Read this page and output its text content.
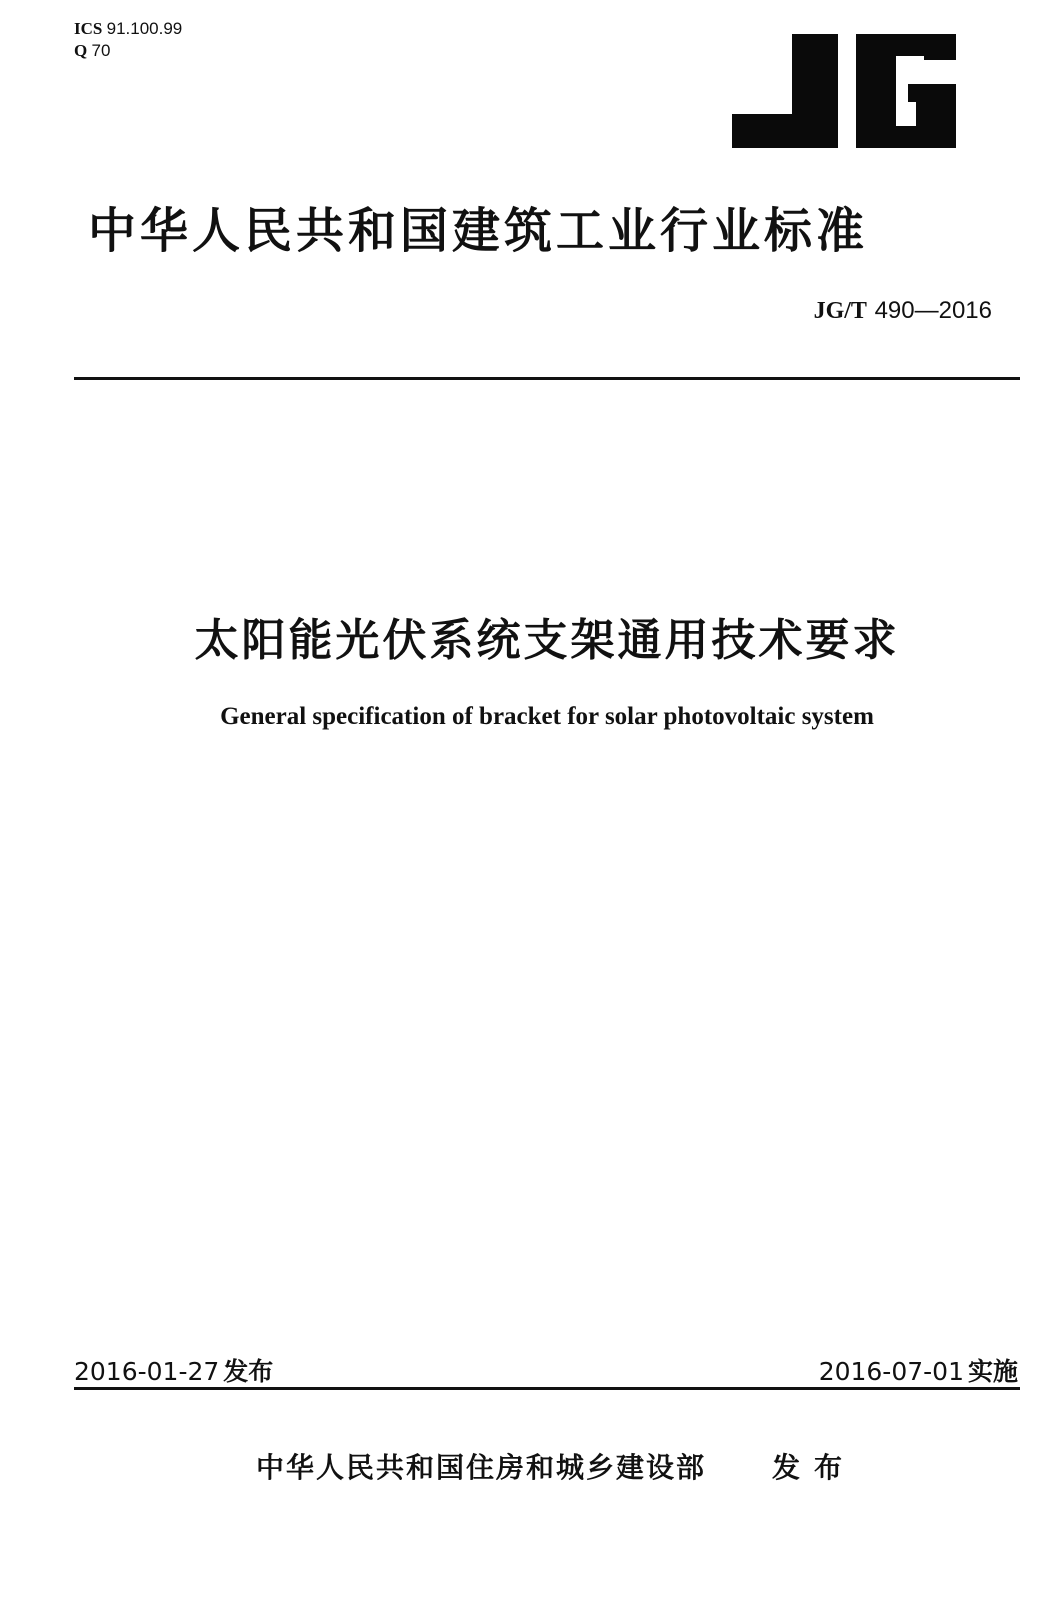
ICS 91.100.99
Q 70
中华人民共和国建筑工业行业标准
JG/T 490—2016
太阳能光伏系统支架通用技术要求
General specification of bracket for solar photovoltaic system
2016-01-27 发布	2016-07-01 实施
中华人民共和国住房和城乡建设部 发布
